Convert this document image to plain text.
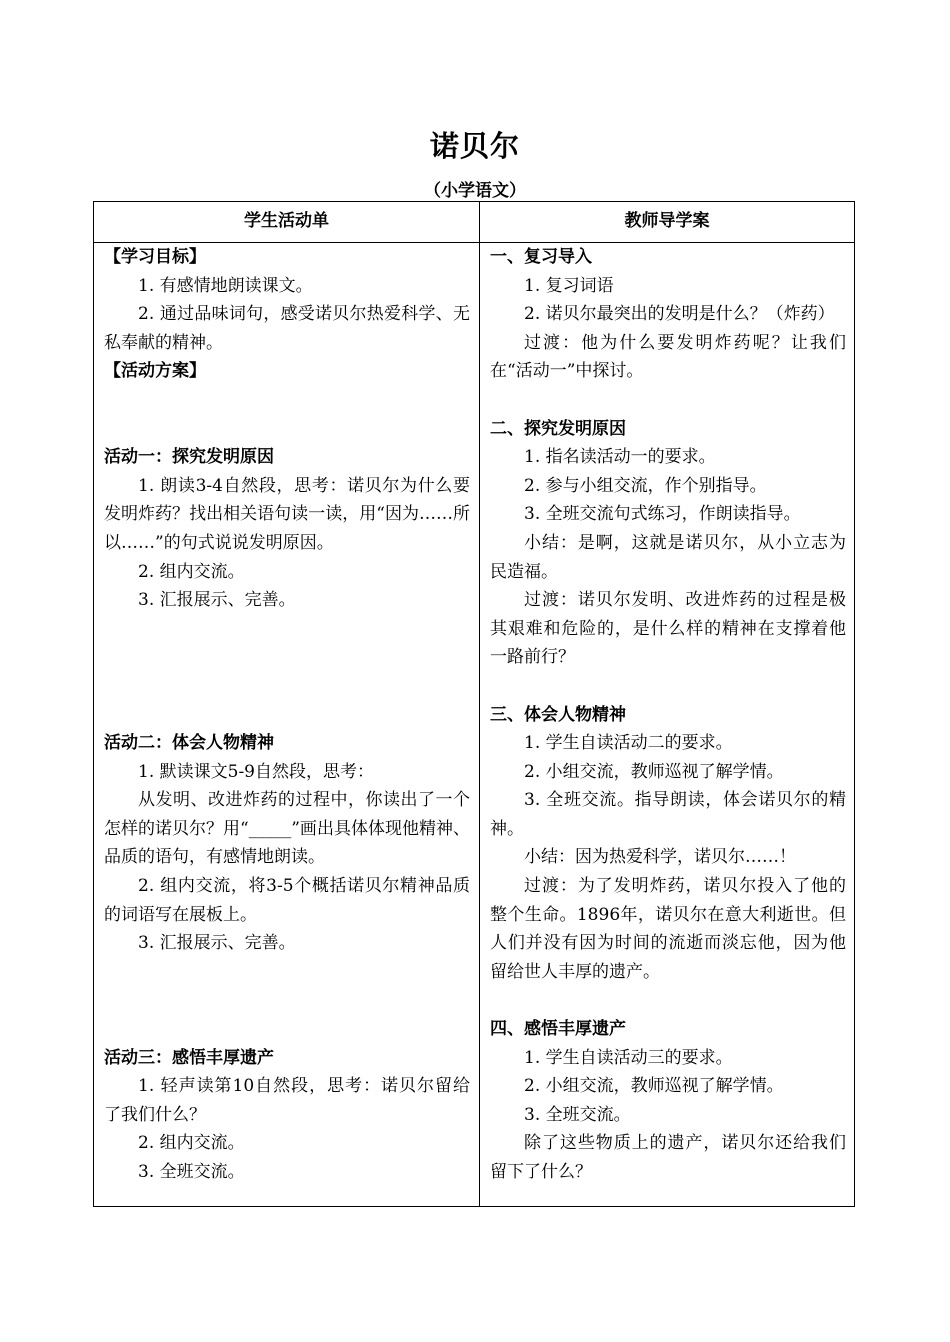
诺贝尔
（小学语文）
学生活动单	教师导学案

【学习目标】

1. 有感情地朗读课文。

2. 通过品味词句，感受诺贝尔热爱科学、无私奉献的精神。

【活动方案】

活动一：探究发明原因

1. 朗读3-4自然段，思考：诺贝尔为什么要发明炸药？找出相关语句读一读，用“因为……所以……”的句式说说发明原因。

2. 组内交流。

3. 汇报展示、完善。

活动二：体会人物精神

1. 默读课文5-9自然段，思考：

从发明、改进炸药的过程中，你读出了一个怎样的诺贝尔？用“_____”画出具体体现他精神、品质的语句，有感情地朗读。

2. 组内交流，将3-5个概括诺贝尔精神品质的词语写在展板上。

3. 汇报展示、完善。

活动三：感悟丰厚遗产

1. 轻声读第10自然段，思考：诺贝尔留给了我们什么？

2. 组内交流。

3. 全班交流。

一、复习导入

1. 复习词语

2. 诺贝尔最突出的发明是什么？（炸药）

过渡：他为什么要发明炸药呢？让我们在“活动一”中探讨。

二、探究发明原因

1. 指名读活动一的要求。

2. 参与小组交流，作个别指导。

3. 全班交流句式练习，作朗读指导。

小结：是啊，这就是诺贝尔，从小立志为民造福。

过渡：诺贝尔发明、改进炸药的过程是极其艰难和危险的，是什么样的精神在支撑着他一路前行？

三、体会人物精神

1. 学生自读活动二的要求。

2. 小组交流，教师巡视了解学情。

3. 全班交流。指导朗读，体会诺贝尔的精神。

小结：因为热爱科学，诺贝尔……！

过渡：为了发明炸药，诺贝尔投入了他的整个生命。1896年，诺贝尔在意大利逝世。但人们并没有因为时间的流逝而淡忘他，因为他留给世人丰厚的遗产。

四、感悟丰厚遗产

1. 学生自读活动三的要求。

2. 小组交流，教师巡视了解学情。

3. 全班交流。

除了这些物质上的遗产，诺贝尔还给我们留下了什么？
